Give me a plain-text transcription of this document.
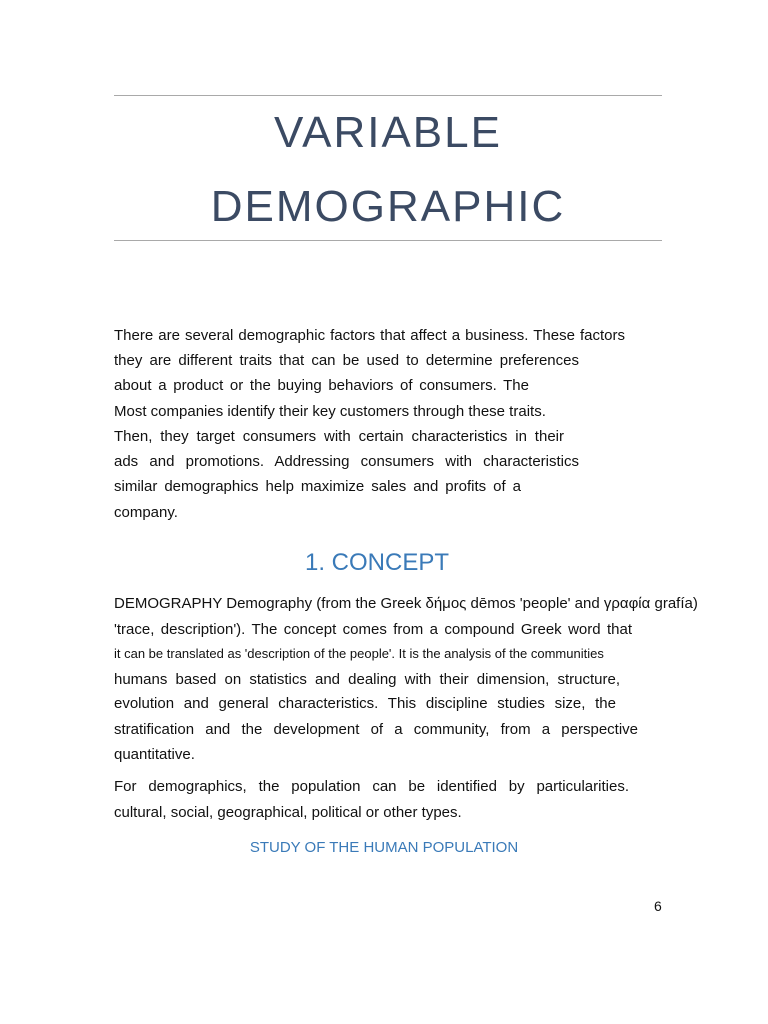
VARIABLE
DEMOGRAPHIC
There are several demographic factors that affect a business. These factors
they are different traits that can be used to determine preferences
about a product or the buying behaviors of consumers. The
Most companies identify their key customers through these traits.
Then, they target consumers with certain characteristics in their
ads and promotions. Addressing consumers with characteristics
similar demographics help maximize sales and profits of a
company.
1. CONCEPT
DEMOGRAPHY Demography (from the Greek δήμος dēmos 'people' and γραφία grafía)
'trace, description'). The concept comes from a compound Greek word that
it can be translated as 'description of the people'. It is the analysis of the communities
humans based on statistics and dealing with their dimension, structure,
evolution and general characteristics. This discipline studies size, the
stratification and the development of a community, from a perspective
quantitative.
For demographics, the population can be identified by particularities.
cultural, social, geographical, political or other types.
STUDY OF THE HUMAN POPULATION
6
